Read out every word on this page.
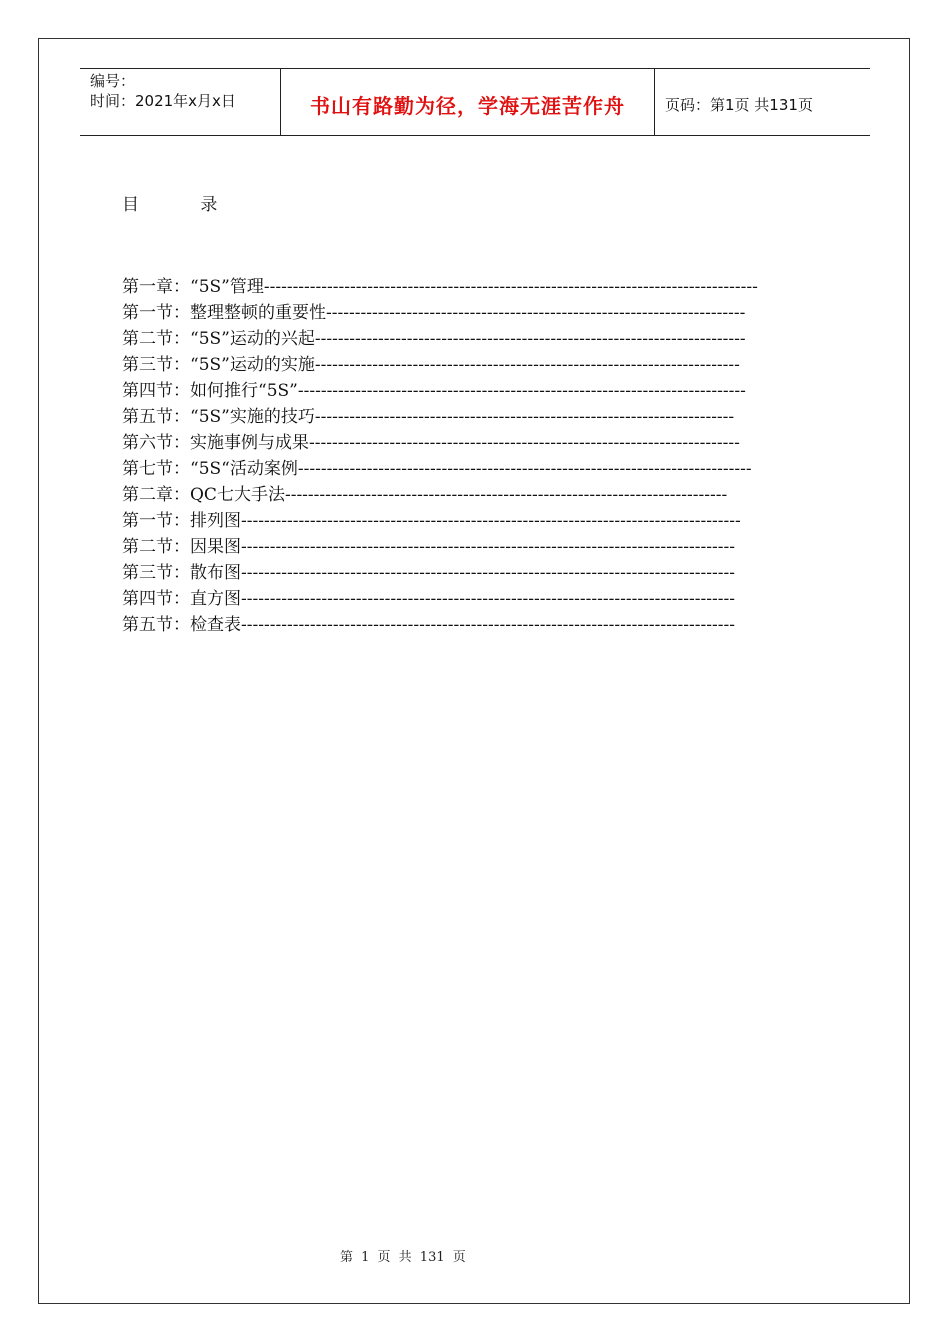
编号：
时间：2021年x月x日	书山有路勤为径，学海无涯苦作舟	页码：第1页 共131页
目 录
第一章：“5S”管理--------------------------------------------------------------------------------------
第一节：整理整顿的重要性-------------------------------------------------------------------------
第二节：“5S”运动的兴起---------------------------------------------------------------------------
第三节：“5S”运动的实施--------------------------------------------------------------------------
第四节：如何推行“5S”------------------------------------------------------------------------------
第五节：“5S”实施的技巧-------------------------------------------------------------------------
第六节：实施事例与成果---------------------------------------------------------------------------
第七节：“5S“活动案例-------------------------------------------------------------------------------
第二章：QC七大手法-----------------------------------------------------------------------------
第一节：排列图---------------------------------------------------------------------------------------
第二节：因果图--------------------------------------------------------------------------------------
第三节：散布图--------------------------------------------------------------------------------------
第四节：直方图--------------------------------------------------------------------------------------
第五节：检查表--------------------------------------------------------------------------------------
第 1 页 共 131 页
